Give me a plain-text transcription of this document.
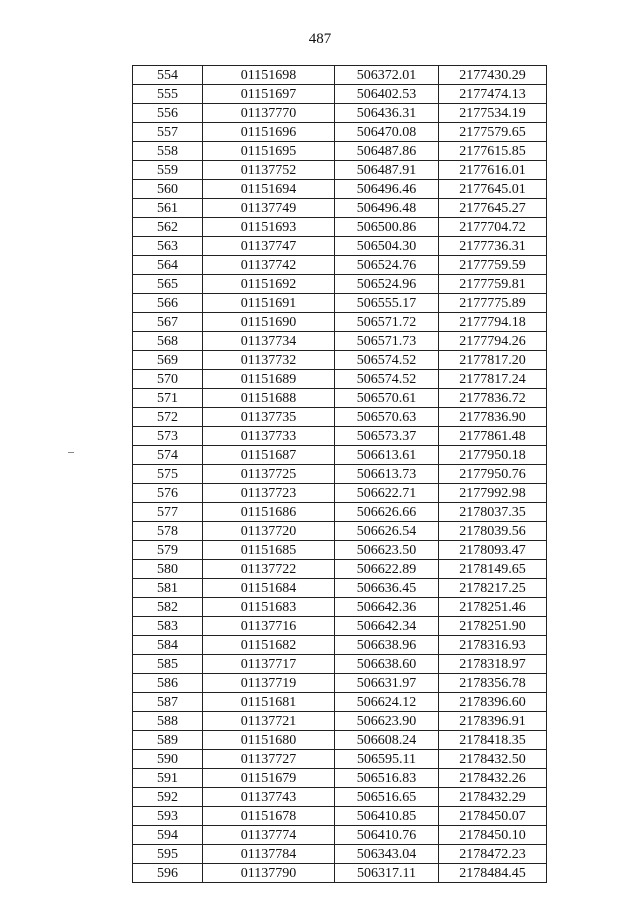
487
554	01151698	506372.01	2177430.29
555	01151697	506402.53	2177474.13
556	01137770	506436.31	2177534.19
557	01151696	506470.08	2177579.65
558	01151695	506487.86	2177615.85
559	01137752	506487.91	2177616.01
560	01151694	506496.46	2177645.01
561	01137749	506496.48	2177645.27
562	01151693	506500.86	2177704.72
563	01137747	506504.30	2177736.31
564	01137742	506524.76	2177759.59
565	01151692	506524.96	2177759.81
566	01151691	506555.17	2177775.89
567	01151690	506571.72	2177794.18
568	01137734	506571.73	2177794.26
569	01137732	506574.52	2177817.20
570	01151689	506574.52	2177817.24
571	01151688	506570.61	2177836.72
572	01137735	506570.63	2177836.90
573	01137733	506573.37	2177861.48
574	01151687	506613.61	2177950.18
575	01137725	506613.73	2177950.76
576	01137723	506622.71	2177992.98
577	01151686	506626.66	2178037.35
578	01137720	506626.54	2178039.56
579	01151685	506623.50	2178093.47
580	01137722	506622.89	2178149.65
581	01151684	506636.45	2178217.25
582	01151683	506642.36	2178251.46
583	01137716	506642.34	2178251.90
584	01151682	506638.96	2178316.93
585	01137717	506638.60	2178318.97
586	01137719	506631.97	2178356.78
587	01151681	506624.12	2178396.60
588	01137721	506623.90	2178396.91
589	01151680	506608.24	2178418.35
590	01137727	506595.11	2178432.50
591	01151679	506516.83	2178432.26
592	01137743	506516.65	2178432.29
593	01151678	506410.85	2178450.07
594	01137774	506410.76	2178450.10
595	01137784	506343.04	2178472.23
596	01137790	506317.11	2178484.45
